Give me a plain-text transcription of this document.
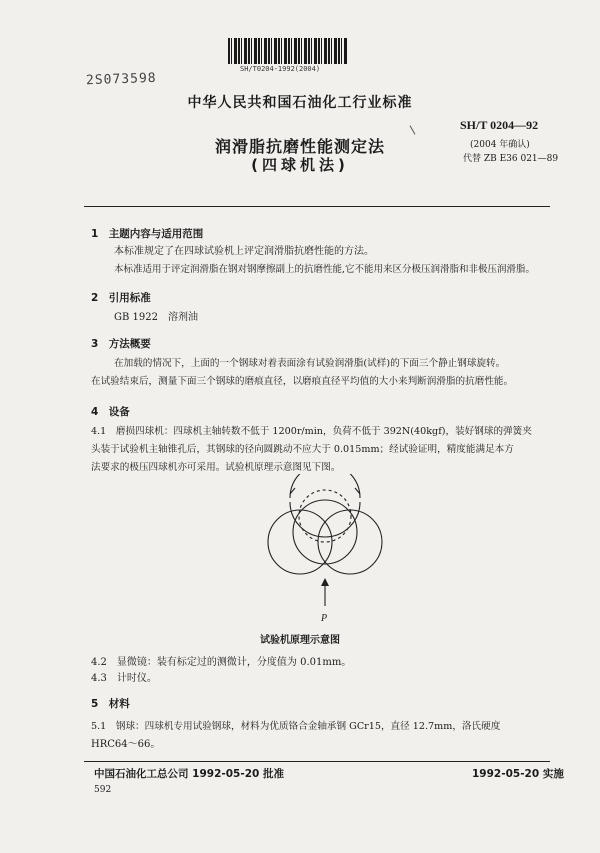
SH/T0204-1992(2004)
2S073598
中华人民共和国石油化工行业标准
润滑脂抗磨性能测定法
(四球机法)
SH/T 0204—92
(2004 年确认)
代替 ZB E36 021—89
1　主题内容与适用范围
本标准规定了在四球试验机上评定润滑脂抗磨性能的方法。
本标准适用于评定润滑脂在钢对钢摩擦副上的抗磨性能,它不能用来区分极压润滑脂和非极压润滑脂。
2　引用标准
GB 1922　溶剂油
3　方法概要
在加载的情况下，上面的一个钢球对着表面涂有试验润滑脂(试样)的下面三个静止钢球旋转。
在试验结束后，测量下面三个钢球的磨痕直径，以磨痕直径平均值的大小来判断润滑脂的抗磨性能。
4　设备
4.1　磨损四球机：四球机主轴转数不低于 1200r/min，负荷不低于 392N(40kgf)，装好钢球的弹簧夹
头装于试验机主轴锥孔后，其钢球的径向圆跳动不应大于 0.015mm；经试验证明，精度能满足本方
法要求的极压四球机亦可采用。试验机原理示意图见下图。
P
试验机原理示意图
4.2　显微镜：装有标定过的测微计，分度值为 0.01mm。
4.3　计时仪。
5　材料
5.1　钢球：四球机专用试验钢球，材料为优质铬合金轴承钢 GCr15，直径 12.7mm，洛氏硬度
HRC64～66。
中国石油化工总公司 1992-05-20 批准	1992-05-20 实施
592
